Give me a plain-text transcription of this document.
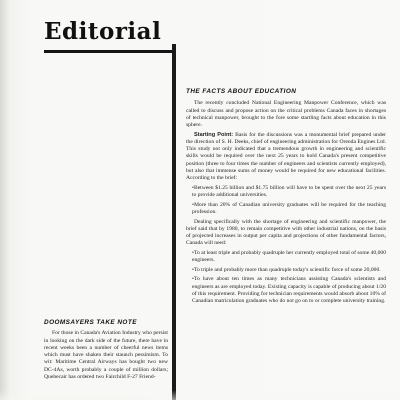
Editorial
THE FACTS ABOUT EDUCATION

The recently concluded National Engineering Manpower Conference, which was called to discuss and propose action on the critical problems Canada faces in shortages of technical manpower, brought to the fore some startling facts about education in this sphere.

Starting Point: Basis for the discussions was a monumental brief prepared under the direction of S. H. Deeks, chief of engineering administration for Orenda Engines Ltd. This study not only indicated that a tremendous growth in engineering and scientific skills would be required over the next 25 years to hold Canada's present competitive position (three to four times the number of engineers and scientists currently employed), but also that immense sums of money would be required for new educational facilities. According to the brief:

•Between $1.25 billion and $1.75 billion will have to be spent over the next 25 years to provide additional universities.

•More than 20% of Canadian university graduates will be required for the teaching profession.

Dealing specifically with the shortage of engineering and scientific manpower, the brief said that by 1980, to remain competitive with other industrial nations, on the basis of projected increases in output per capita and projections of other fundamental factors, Canada will need:

•To at least triple and probably quadruple her currently employed total of some 40,000 engineers.

•To triple and probably more than quadruple today's scientific force of some 20,000.

•To have about ten times as many technicians assisting Canada's scientists and engineers as are employed today. Existing capacity is capable of producing about 1/20 of this requirement. Providing for technician requirements would absorb about 10% of Canadian matriculation graduates who do not go on to or complete university training.

DOOMSAYERS TAKE NOTE

For those in Canada's Aviation Industry who persist in looking on the dark side of the future, there have in recent weeks been a number of cheerful news items which must have shaken their staunch pessimism. To wit: Maritime Central Airways has bought two new DC-4As, worth probably a couple of million dollars; Quebecair has ordered two Fairchild F-27 Friend-
